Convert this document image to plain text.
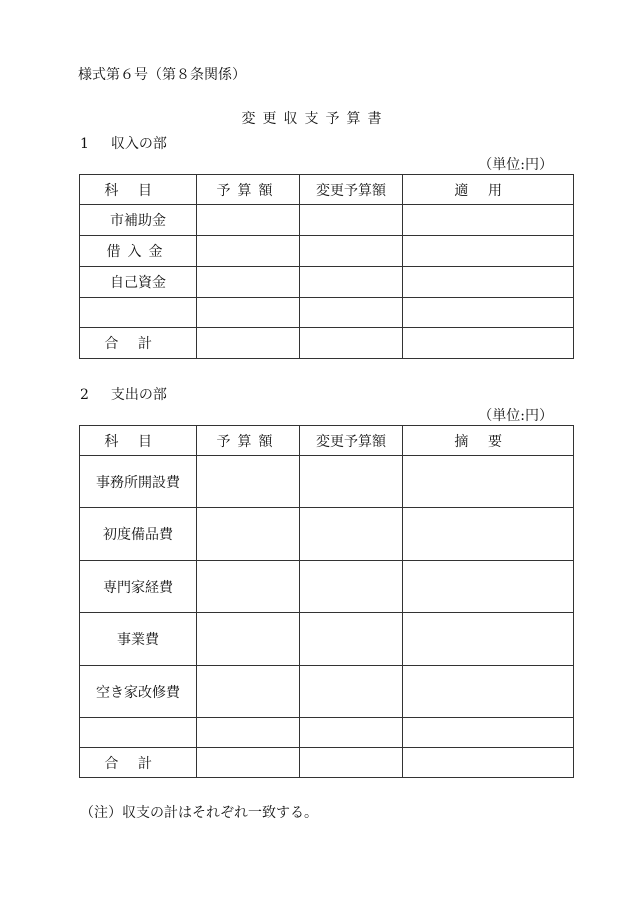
様式第６号（第８条関係）
変更収支予算書
1 収入の部
（単位:円）
科目	予算額	変更予算額	適用
市補助金			
借入金			
自己資金			

合計			
2 支出の部
（単位:円）
科目	予算額	変更予算額	摘要
事務所開設費			
初度備品費			
専門家経費			
事業費			
空き家改修費			

合計			
（注）収支の計はそれぞれ一致する。
